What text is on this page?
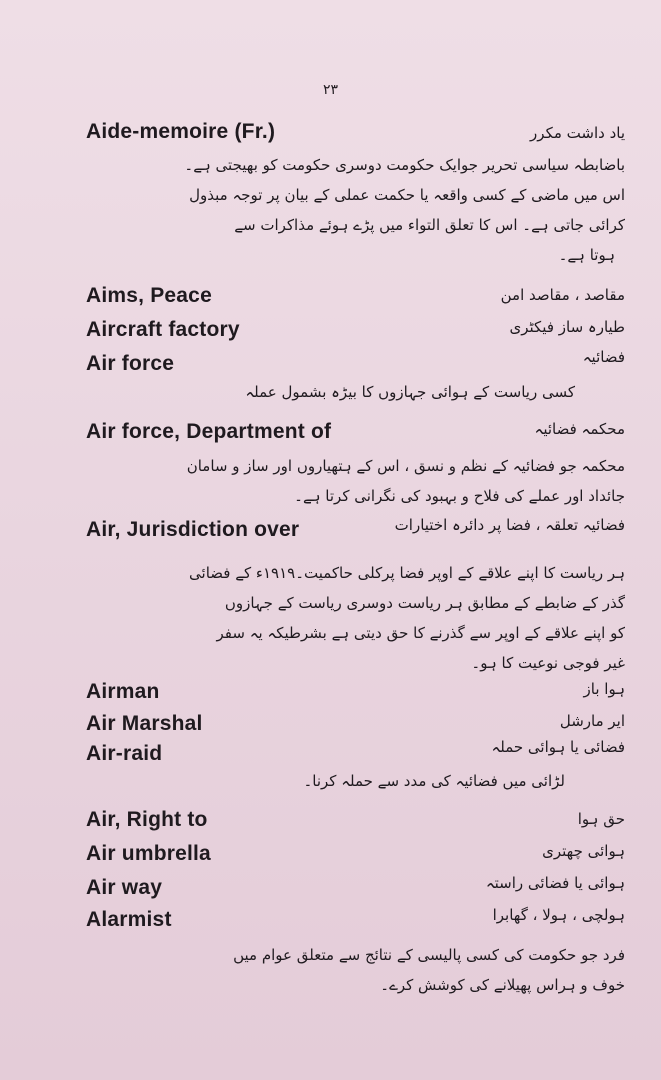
۲۳
Aide-memoire (Fr.)	یاد داشت مکرر
باضابطہ سیاسی تحریر جوایک حکومت دوسری حکومت کو بھیجتی ہے۔
اس میں ماضی کے کسی واقعہ یا حکمت عملی کے بیان پر توجہ مبذول
کرائی جاتی ہے۔ اس کا تعلق التواء میں پڑے ہوئے مذاکرات سے
ہوتا ہے۔
Aims, Peace	مقاصد ، مقاصد امن
Aircraft factory	طیارہ ساز فیکٹری
Air force	فضائیہ
کسی ریاست کے ہوائی جہازوں کا بیڑہ بشمول عملہ
Air force, Department of	محکمہ فضائیہ
محکمہ جو فضائیہ کے نظم و نسق ، اس کے ہتھیاروں اور ساز و سامان
جائداد اور عملے کی فلاح و بہبود کی نگرانی کرتا ہے۔
Air, Jurisdiction over	فضائیہ تعلقہ ، فضا پر دائرہ اختیارات
ہر ریاست کا اپنے علاقے کے اوپر فضا پرکلی حاکمیت۔۱۹۱۹ء کے فضائی
گذر کے ضابطے کے مطابق ہر ریاست دوسری ریاست کے جہازوں
کو اپنے علاقے کے اوپر سے گذرنے کا حق دیتی ہے بشرطیکہ یہ سفر
غیر فوجی نوعیت کا ہو۔
Airman	ہوا باز
Air Marshal	ایر مارشل
Air-raid	فضائی یا ہوائی حملہ
لڑائی میں فضائیہ کی مدد سے حملہ کرنا۔
Air, Right to	حق ہوا
Air umbrella	ہوائی چھتری
Air way	ہوائی یا فضائی راستہ
Alarmist	ہولچی ، ہولا ، گھابرا
فرد جو حکومت کی کسی پالیسی کے نتائج سے متعلق عوام میں
خوف و ہراس پھیلانے کی کوشش کرے۔
